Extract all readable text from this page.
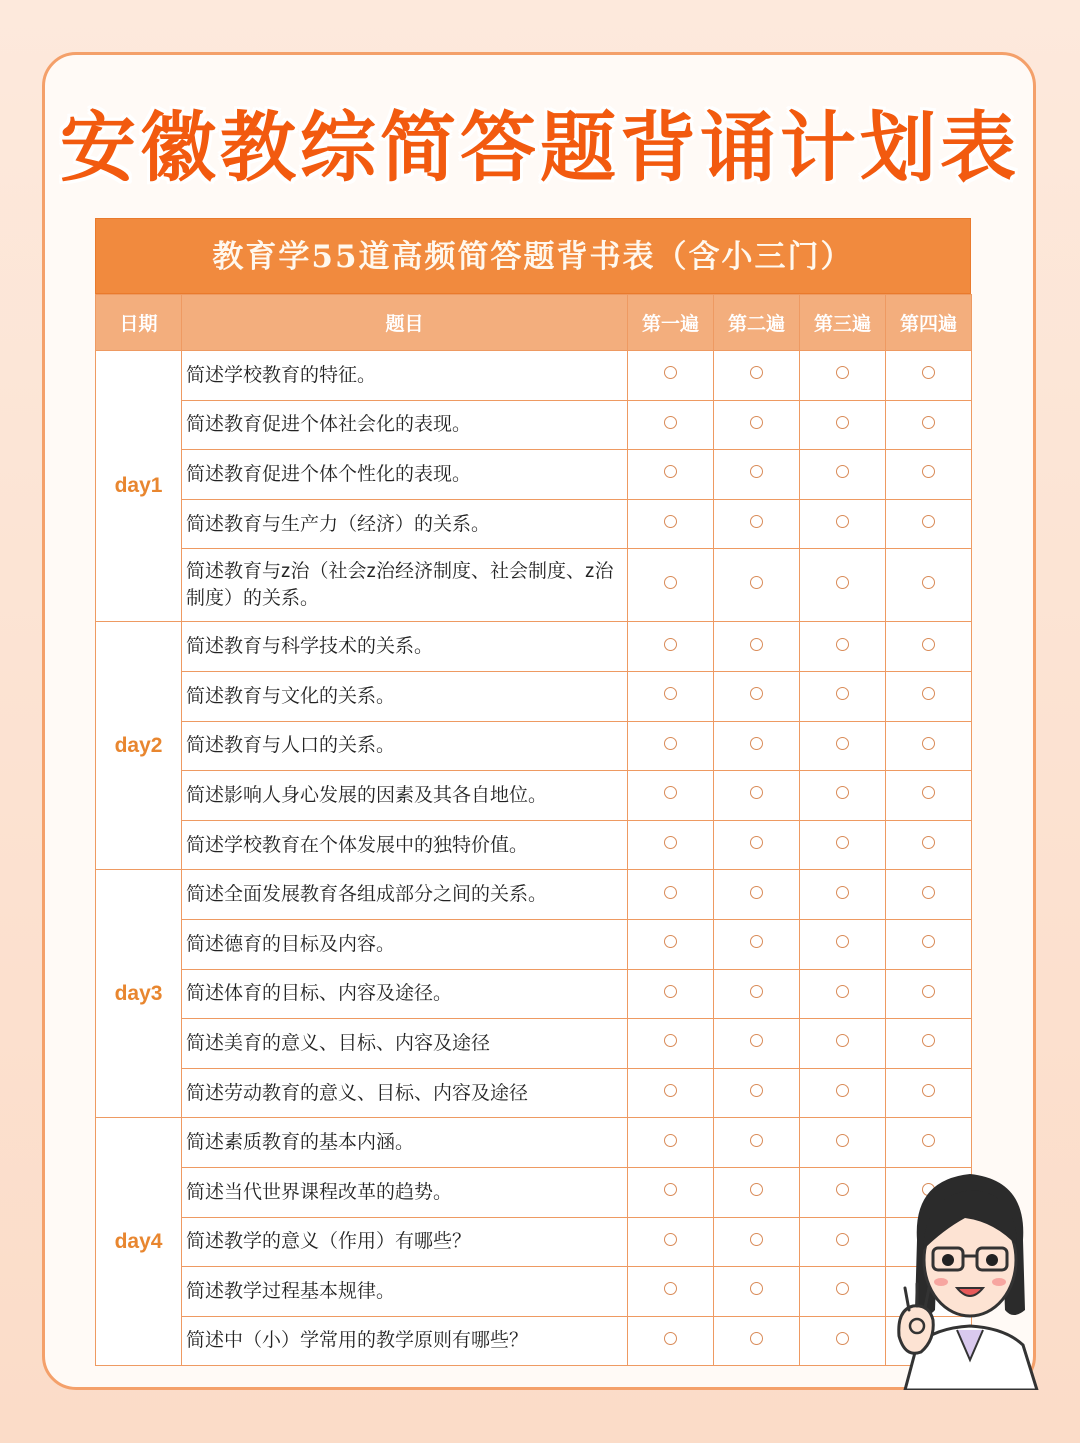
安徽教综简答题背诵计划表
教育学55道高频简答题背书表（含小三门）
日期	题目	第一遍	第二遍	第三遍	第四遍
day1	简述学校教育的特征。				
	简述教育促进个体社会化的表现。				
	简述教育促进个体个性化的表现。				
	简述教育与生产力（经济）的关系。				
	简述教育与z治（社会z治经济制度、社会制度、z治制度）的关系。				
day2	简述教育与科学技术的关系。				
	简述教育与文化的关系。				
	简述教育与人口的关系。				
	简述影响人身心发展的因素及其各自地位。				
	简述学校教育在个体发展中的独特价值。				
day3	简述全面发展教育各组成部分之间的关系。				
	简述德育的目标及内容。				
	简述体育的目标、内容及途径。				
	简述美育的意义、目标、内容及途径				
	简述劳动教育的意义、目标、内容及途径				
day4	简述素质教育的基本内涵。				
	简述当代世界课程改革的趋势。				
	简述教学的意义（作用）有哪些？				
	简述教学过程基本规律。				
	简述中（小）学常用的教学原则有哪些？				
